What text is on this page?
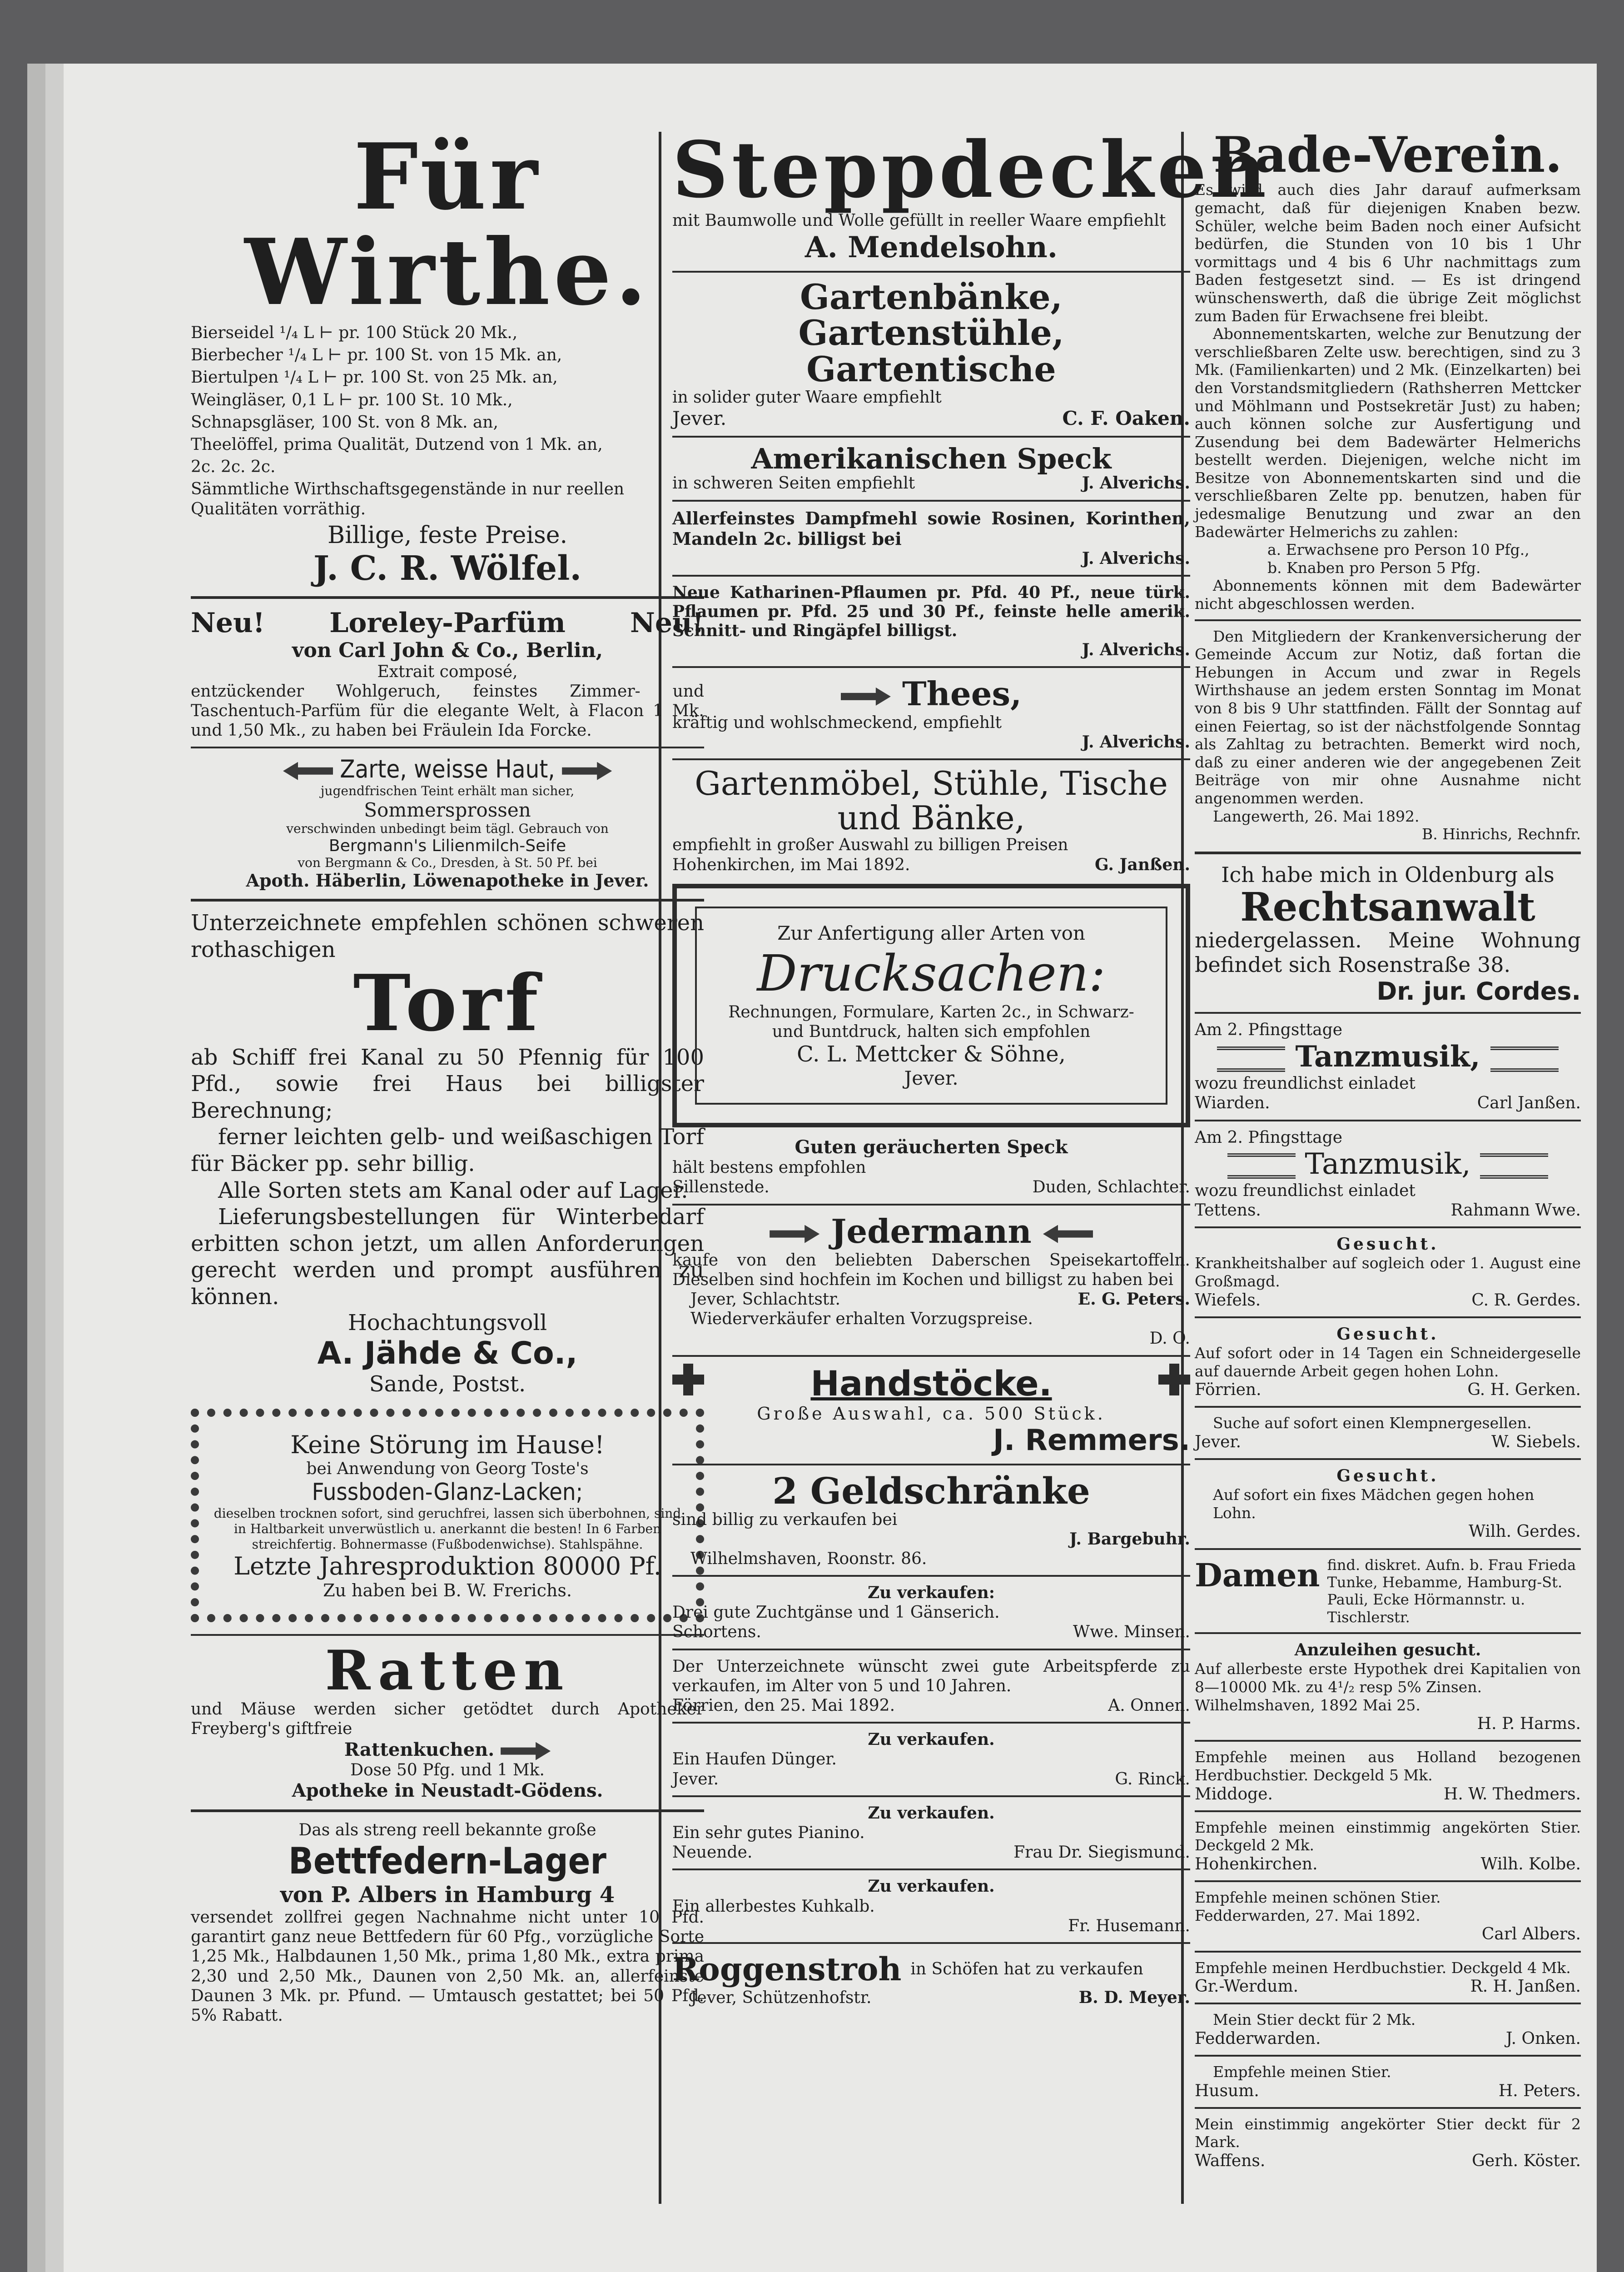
Für Wirthe.
Bierseidel ¹/₄ L ⊢ pr. 100 Stück 20 Mk.,
Bierbecher ¹/₄ L ⊢ pr. 100 St. von 15 Mk. an,
Biertulpen ¹/₄ L ⊢ pr. 100 St. von 25 Mk. an,
Weingläser, 0,1 L ⊢ pr. 100 St. 10 Mk.,
Schnapsgläser, 100 St. von 8 Mk. an,
Theelöffel, prima Qualität, Dutzend von 1 Mk. an,
2c. 2c. 2c.
Sämmtliche Wirthschaftsgegenstände in nur reellen Qualitäten vorräthig.
Billige, feste Preise.
J. C. R. Wölfel.
Neu! Loreley-Parfüm Neu!
von Carl John & Co., Berlin,
Extrait composé,
entzückender Wohlgeruch, feinstes Zimmer- und Taschentuch-Parfüm für die elegante Welt, à Flacon 1 Mk. und 1,50 Mk., zu haben bei Fräulein Ida Forcke.
Zarte, weisse Haut,
jugendfrischen Teint erhält man sicher,
Sommersprossen
verschwinden unbedingt beim tägl. Gebrauch von
Bergmann's Lilienmilch-Seife
von Bergmann & Co., Dresden, à St. 50 Pf. bei
Apoth. Häberlin, Löwenapotheke in Jever.
Unterzeichnete empfehlen schönen schweren rothaschigen
Torf
ab Schiff frei Kanal zu 50 Pfennig für 100 Pfd., sowie frei Haus bei billigster Berechnung;
ferner leichten gelb- und weißaschigen Torf für Bäcker pp. sehr billig.
Alle Sorten stets am Kanal oder auf Lager.
Lieferungsbestellungen für Winterbedarf erbitten schon jetzt, um allen Anforderungen gerecht werden und prompt ausführen zu können.
Hochachtungsvoll
A. Jähde & Co.,
Sande, Postst.
Keine Störung im Hause!
bei Anwendung von Georg Toste's
Fussboden-Glanz-Lacken;
dieselben trocknen sofort, sind geruchfrei, lassen sich überbohnen, sind in Haltbarkeit unverwüstlich u. anerkannt die besten! In 6 Farben streichfertig. Bohnermasse (Fußbodenwichse). Stahlspähne.
Letzte Jahresproduktion 80000 Pf.
Zu haben bei B. W. Frerichs.
Ratten
und Mäuse werden sicher getödtet durch Apotheker Freyberg's giftfreie
Rattenkuchen.
Dose 50 Pfg. und 1 Mk.
Apotheke in Neustadt-Gödens.
Das als streng reell bekannte große
Bettfedern-Lager
von P. Albers in Hamburg 4
versendet zollfrei gegen Nachnahme nicht unter 10 Pfd. garantirt ganz neue Bettfedern für 60 Pfg., vorzügliche Sorte 1,25 Mk., Halbdaunen 1,50 Mk., prima 1,80 Mk., extra prima 2,30 und 2,50 Mk., Daunen von 2,50 Mk. an, allerfeinste Daunen 3 Mk. pr. Pfund. — Umtausch gestattet; bei 50 Pfd. 5% Rabatt.
Steppdecken
mit Baumwolle und Wolle gefüllt in reeller Waare empfiehlt
A. Mendelsohn.
Gartenbänke,
Gartenstühle,
Gartentische
in solider guter Waare empfiehlt
Jever.	C. F. Oaken.
Amerikanischen Speck
in schweren Seiten empfiehlt	J. Alverichs.
Allerfeinstes Dampfmehl sowie Rosinen, Korinthen, Mandeln 2c. billigst bei
J. Alverichs.
Neue Katharinen-Pflaumen pr. Pfd. 40 Pf., neue türk. Pflaumen pr. Pfd. 25 und 30 Pf., feinste helle amerik. Schnitt- und Ringäpfel billigst.
J. Alverichs.
Thees,
kräftig und wohlschmeckend, empfiehlt
J. Alverichs.
Gartenmöbel, Stühle, Tische und Bänke,
empfiehlt in großer Auswahl zu billigen Preisen
Hohenkirchen, im Mai 1892.	G. Janßen.
Zur Anfertigung aller Arten von
Drucksachen:
Rechnungen, Formulare, Karten 2c., in Schwarz- und Buntdruck, halten sich empfohlen
C. L. Mettcker & Söhne,
Jever.
Guten geräucherten Speck
hält bestens empfohlen
Sillenstede.	Duden, Schlachter.
Jedermann
kaufe von den beliebten Daberschen Speisekartoffeln. Dieselben sind hochfein im Kochen und billigst zu haben bei
Jever, Schlachtstr.	E. G. Peters.
Wiederverkäufer erhalten Vorzugspreise.
D. O.
Handstöcke.
Große Auswahl, ca. 500 Stück.
J. Remmers.
2 Geldschränke
sind billig zu verkaufen bei
J. Bargebuhr.
Wilhelmshaven, Roonstr. 86.
Zu verkaufen:
Drei gute Zuchtgänse und 1 Gänserich.
Schortens.	Wwe. Minsen.
Der Unterzeichnete wünscht zwei gute Arbeitspferde zu verkaufen, im Alter von 5 und 10 Jahren.
Förrien, den 25. Mai 1892.	A. Onnen.
Zu verkaufen.
Ein Haufen Dünger.
Jever.	G. Rinck.
Zu verkaufen.
Ein sehr gutes Pianino.
Neuende.	Frau Dr. Siegismund.
Zu verkaufen.
Ein allerbestes Kuhkalb.
Fr. Husemann.
Roggenstroh in Schöfen hat zu verkaufen
Jever, Schützenhofstr.	B. D. Meyer.
Bade-Verein.
Es wird auch dies Jahr darauf aufmerksam gemacht, daß für diejenigen Knaben bezw. Schüler, welche beim Baden noch einer Aufsicht bedürfen, die Stunden von 10 bis 1 Uhr vormittags und 4 bis 6 Uhr nachmittags zum Baden festgesetzt sind. — Es ist dringend wünschenswerth, daß die übrige Zeit möglichst zum Baden für Erwachsene frei bleibt.
Abonnementskarten, welche zur Benutzung der verschließbaren Zelte usw. berechtigen, sind zu 3 Mk. (Familienkarten) und 2 Mk. (Einzelkarten) bei den Vorstandsmitgliedern (Rathsherren Mettcker und Möhlmann und Postsekretär Just) zu haben; auch können solche zur Ausfertigung und Zusendung bei dem Badewärter Helmerichs bestellt werden. Diejenigen, welche nicht im Besitze von Abonnementskarten sind und die verschließbaren Zelte pp. benutzen, haben für jedesmalige Benutzung und zwar an den Badewärter Helmerichs zu zahlen:
a. Erwachsene pro Person 10 Pfg.,
b. Knaben pro Person 5 Pfg.
Abonnements können mit dem Badewärter nicht abgeschlossen werden.
Den Mitgliedern der Krankenversicherung der Gemeinde Accum zur Notiz, daß fortan die Hebungen in Accum und zwar in Regels Wirthshause an jedem ersten Sonntag im Monat von 8 bis 9 Uhr stattfinden. Fällt der Sonntag auf einen Feiertag, so ist der nächstfolgende Sonntag als Zahltag zu betrachten. Bemerkt wird noch, daß zu einer anderen wie der angegebenen Zeit Beiträge von mir ohne Ausnahme nicht angenommen werden.
Langewerth, 26. Mai 1892.
B. Hinrichs, Rechnfr.
Ich habe mich in Oldenburg als
Rechtsanwalt
niedergelassen. Meine Wohnung befindet sich Rosenstraße 38.
Dr. jur. Cordes.
Am 2. Pfingsttage
Tanzmusik,
wozu freundlichst einladet
Wiarden.	Carl Janßen.
Am 2. Pfingsttage
Tanzmusik,
wozu freundlichst einladet
Tettens.	Rahmann Wwe.
Gesucht.
Krankheitshalber auf sogleich oder 1. August eine Großmagd.
Wiefels.	C. R. Gerdes.
Gesucht.
Auf sofort oder in 14 Tagen ein Schneidergeselle auf dauernde Arbeit gegen hohen Lohn.
Förrien.	G. H. Gerken.
Suche auf sofort einen Klempnergesellen.
Jever.	W. Siebels.
Gesucht.
Auf sofort ein fixes Mädchen gegen hohen Lohn.
Wilh. Gerdes.
Damen find. diskret. Aufn. b. Frau Frieda Tunke, Hebamme, Hamburg-St. Pauli, Ecke Hörmannstr. u. Tischlerstr.
Anzuleihen gesucht.
Auf allerbeste erste Hypothek drei Kapitalien von 8—10000 Mk. zu 4¹/₂ resp 5% Zinsen.
Wilhelmshaven, 1892 Mai 25.
H. P. Harms.
Empfehle meinen aus Holland bezogenen Herdbuchstier. Deckgeld 5 Mk.
Middoge.	H. W. Thedmers.
Empfehle meinen einstimmig angekörten Stier. Deckgeld 2 Mk.
Hohenkirchen.	Wilh. Kolbe.
Empfehle meinen schönen Stier.
Fedderwarden, 27. Mai 1892.
Carl Albers.
Empfehle meinen Herdbuchstier. Deckgeld 4 Mk.
Gr.-Werdum.	R. H. Janßen.
Mein Stier deckt für 2 Mk.
Fedderwarden.	J. Onken.
Empfehle meinen Stier.
Husum.	H. Peters.
Mein einstimmig angekörter Stier deckt für 2 Mark.
Waffens.	Gerh. Köster.
